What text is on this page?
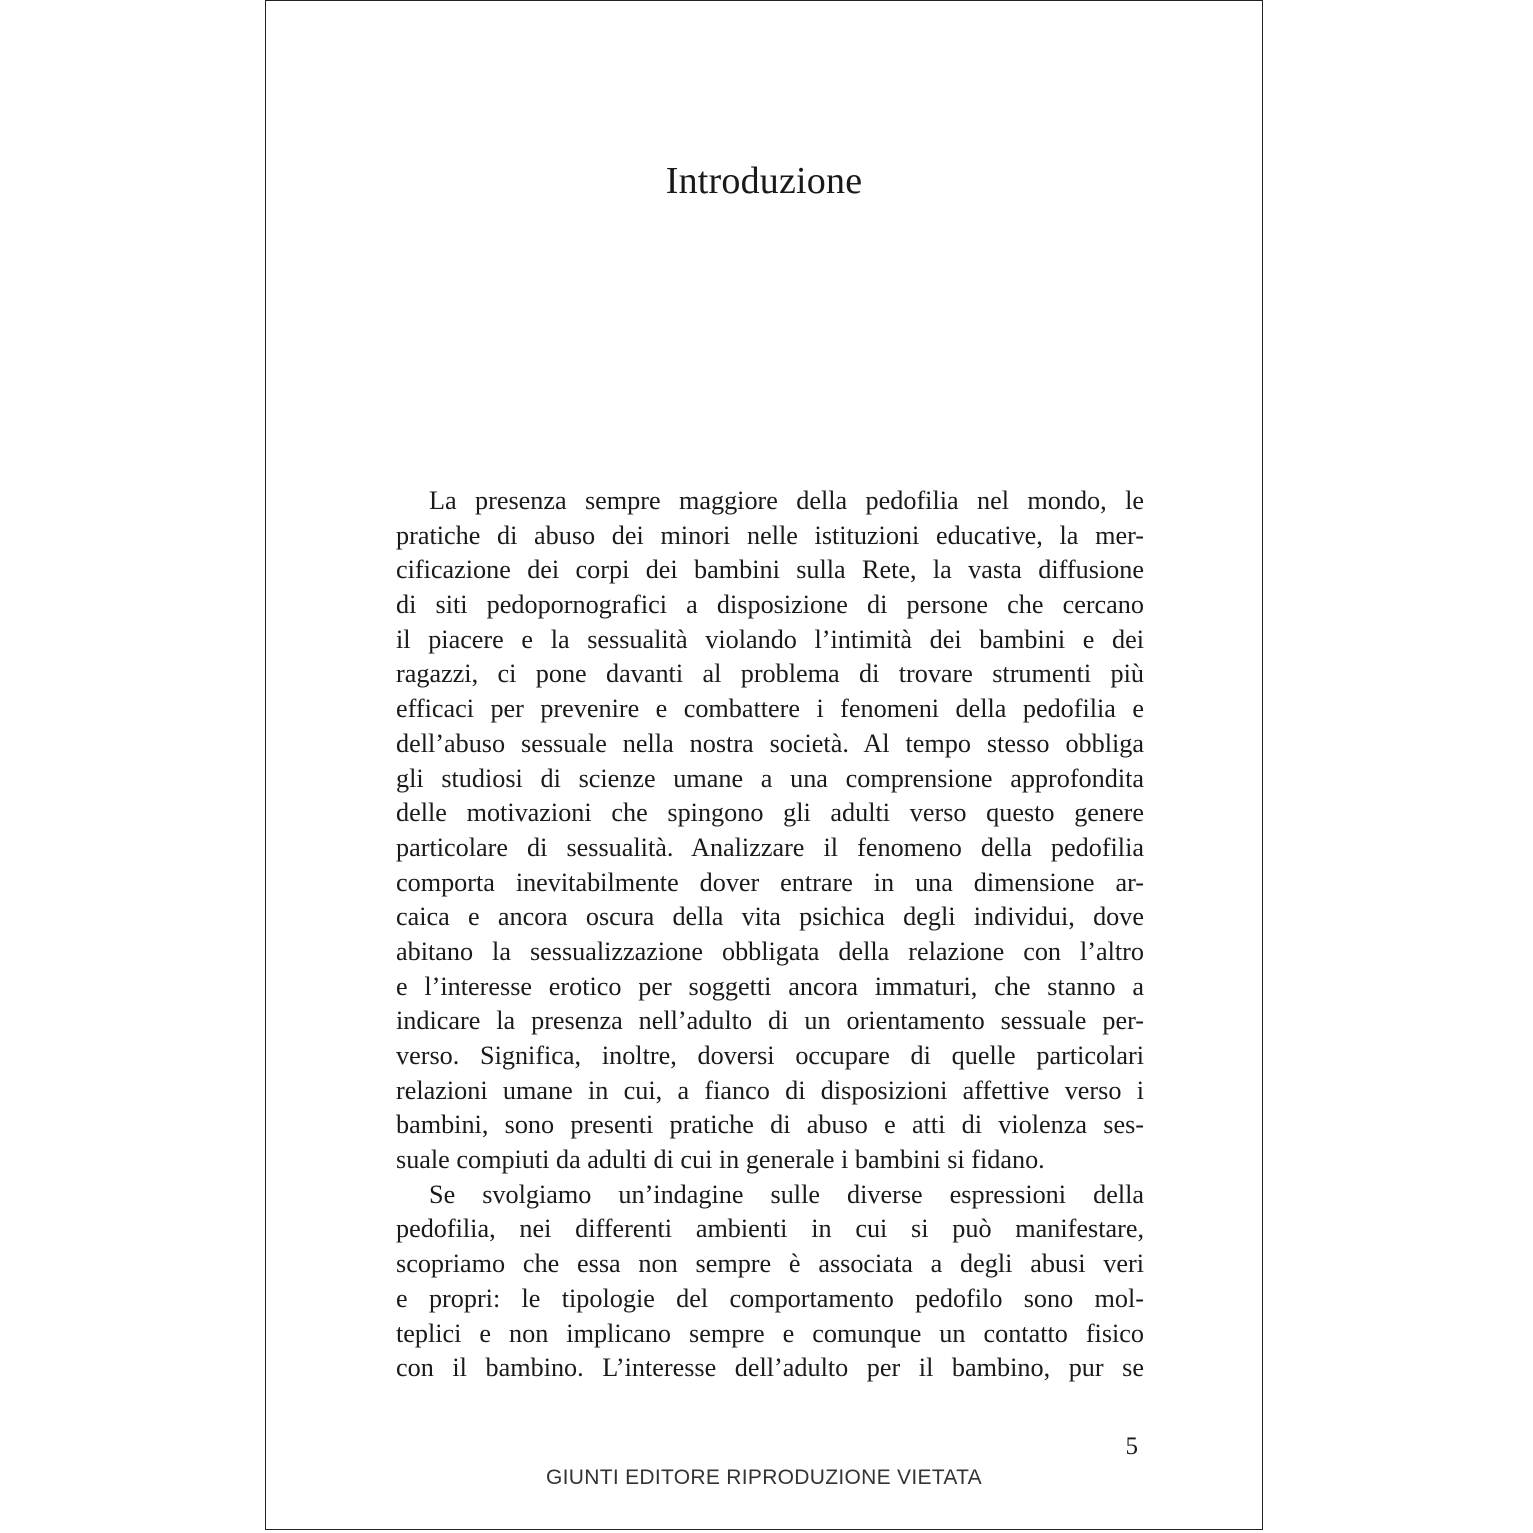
Introduzione
La presenza sempre maggiore della pedofilia nel mondo, le
pratiche di abuso dei minori nelle istituzioni educative, la mer-
cificazione dei corpi dei bambini sulla Rete, la vasta diffusione
di siti pedopornografici a disposizione di persone che cercano
il piacere e la sessualità violando l’intimità dei bambini e dei
ragazzi, ci pone davanti al problema di trovare strumenti più
efficaci per prevenire e combattere i fenomeni della pedofilia e
dell’abuso sessuale nella nostra società. Al tempo stesso obbliga
gli studiosi di scienze umane a una comprensione approfondita
delle motivazioni che spingono gli adulti verso questo genere
particolare di sessualità. Analizzare il fenomeno della pedofilia
comporta inevitabilmente dover entrare in una dimensione ar-
caica e ancora oscura della vita psichica degli individui, dove
abitano la sessualizzazione obbligata della relazione con l’altro
e l’interesse erotico per soggetti ancora immaturi, che stanno a
indicare la presenza nell’adulto di un orientamento sessuale per-
verso. Significa, inoltre, doversi occupare di quelle particolari
relazioni umane in cui, a fianco di disposizioni affettive verso i
bambini, sono presenti pratiche di abuso e atti di violenza ses-
suale compiuti da adulti di cui in generale i bambini si fidano.
Se svolgiamo un’indagine sulle diverse espressioni della
pedofilia, nei differenti ambienti in cui si può manifestare,
scopriamo che essa non sempre è associata a degli abusi veri
e propri: le tipologie del comportamento pedofilo sono mol-
teplici e non implicano sempre e comunque un contatto fisico
con il bambino. L’interesse dell’adulto per il bambino, pur se
5
GIUNTI EDITORE RIPRODUZIONE VIETATA
